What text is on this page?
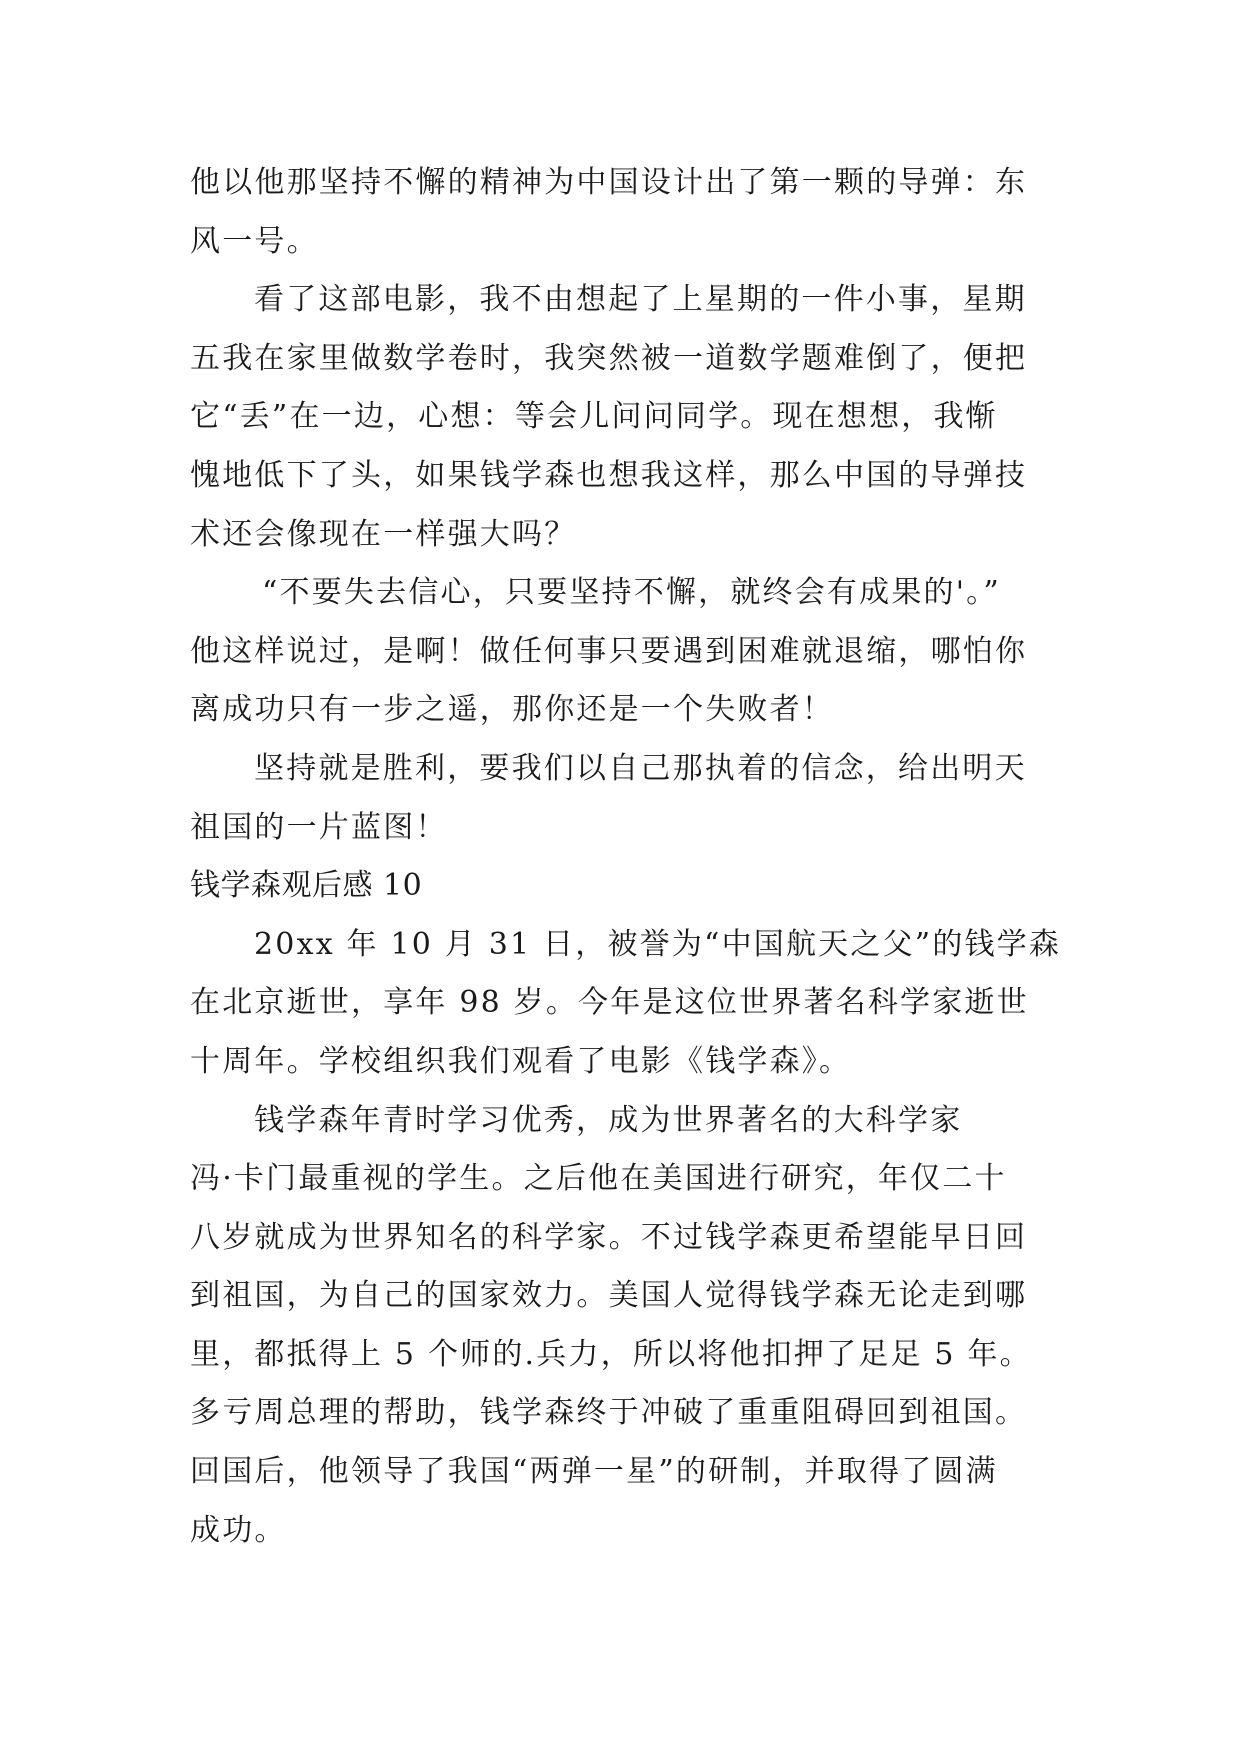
他以他那坚持不懈的精神为中国设计出了第一颗的导弹：东
风一号。
看了这部电影，我不由想起了上星期的一件小事，星期
五我在家里做数学卷时，我突然被一道数学题难倒了，便把
它“丢”在一边，心想：等会儿问问同学。现在想想，我惭
愧地低下了头，如果钱学森也想我这样，那么中国的导弹技
术还会像现在一样强大吗？
“不要失去信心，只要坚持不懈，就终会有成果的'。”
他这样说过，是啊！做任何事只要遇到困难就退缩，哪怕你
离成功只有一步之遥，那你还是一个失败者！
坚持就是胜利，要我们以自己那执着的信念，给出明天
祖国的一片蓝图！
钱学森观后感 10
20xx 年 10 月 31 日，被誉为“中国航天之父”的钱学森
在北京逝世，享年 98 岁。今年是这位世界著名科学家逝世
十周年。学校组织我们观看了电影《钱学森》。
钱学森年青时学习优秀，成为世界著名的大科学家
冯·卡门最重视的学生。之后他在美国进行研究，年仅二十
八岁就成为世界知名的科学家。不过钱学森更希望能早日回
到祖国，为自己的国家效力。美国人觉得钱学森无论走到哪
里，都抵得上 5 个师的.兵力，所以将他扣押了足足 5 年。
多亏周总理的帮助，钱学森终于冲破了重重阻碍回到祖国。
回国后，他领导了我国“两弹一星”的研制，并取得了圆满
成功。
